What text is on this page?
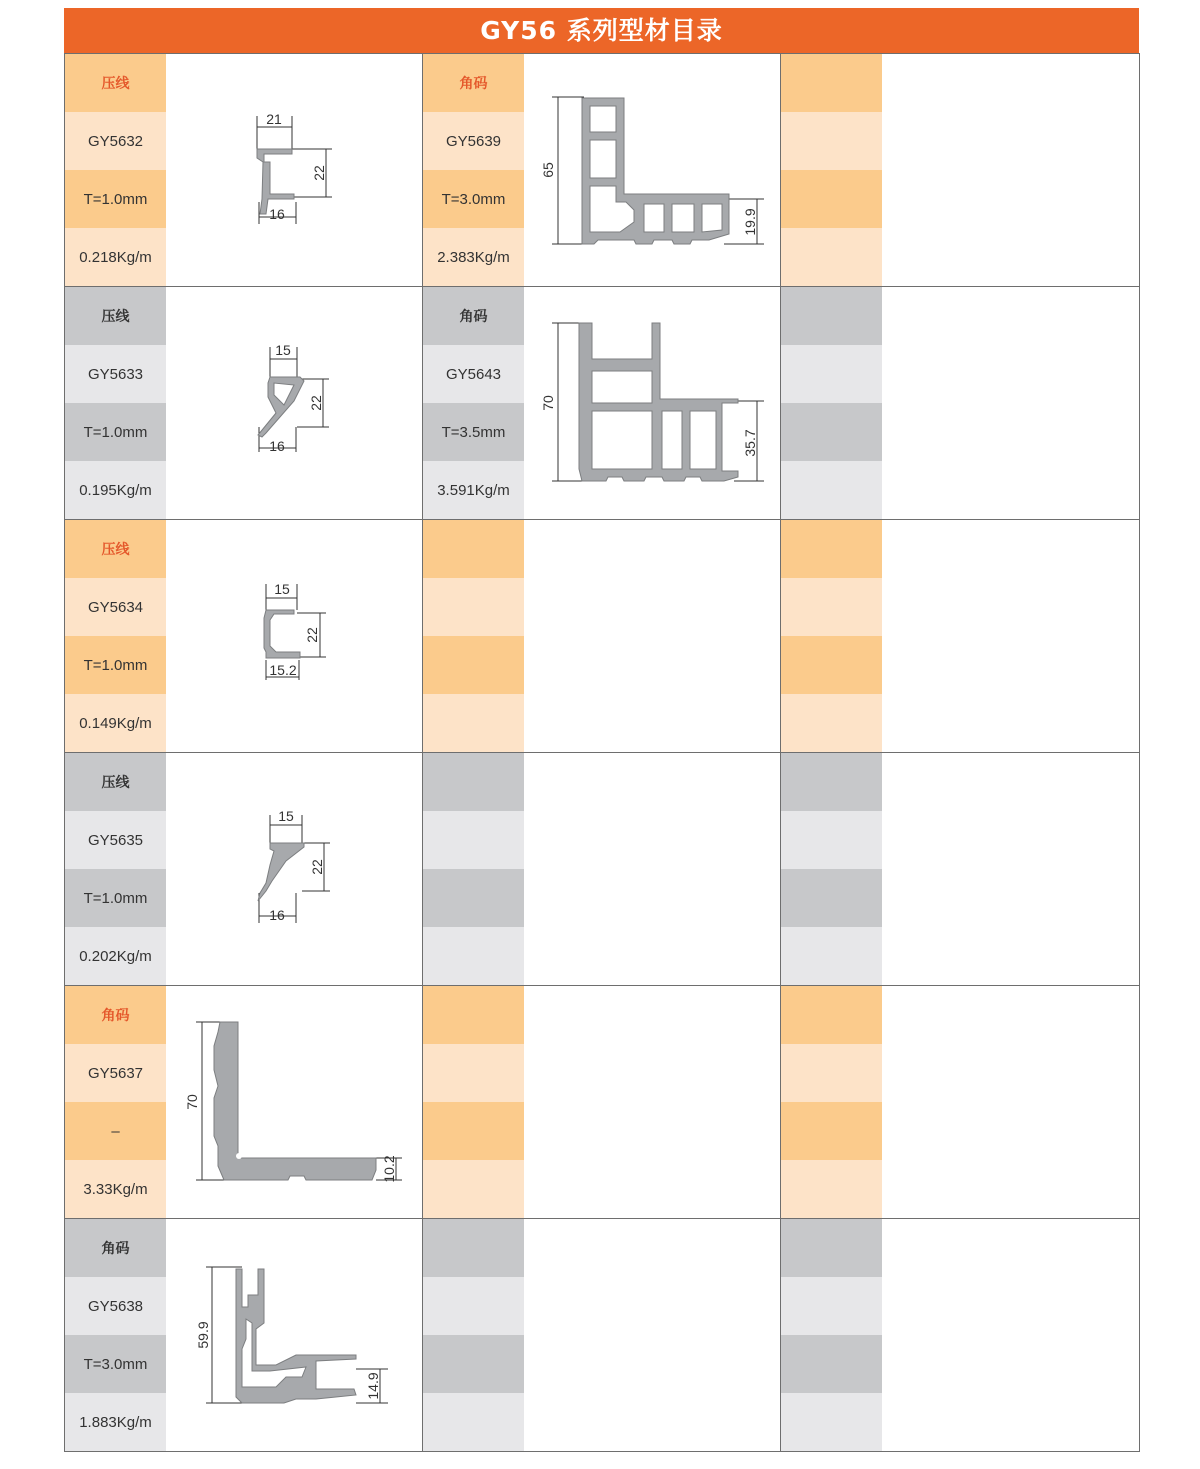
GY56 系列型材目录
压线
GY5632
T=1.0mm
0.218Kg/m
21
22
16
角码
GY5639
T=3.0mm
2.383Kg/m
65
19.9
压线
GY5633
T=1.0mm
0.195Kg/m
15
22
16
角码
GY5643
T=3.5mm
3.591Kg/m
70
35.7
压线
GY5634
T=1.0mm
0.149Kg/m
15
22
15.2
压线
GY5635
T=1.0mm
0.202Kg/m
15
22
16
角码
GY5637
–
3.33Kg/m
70
10.2
角码
GY5638
T=3.0mm
1.883Kg/m
59.9
14.9
